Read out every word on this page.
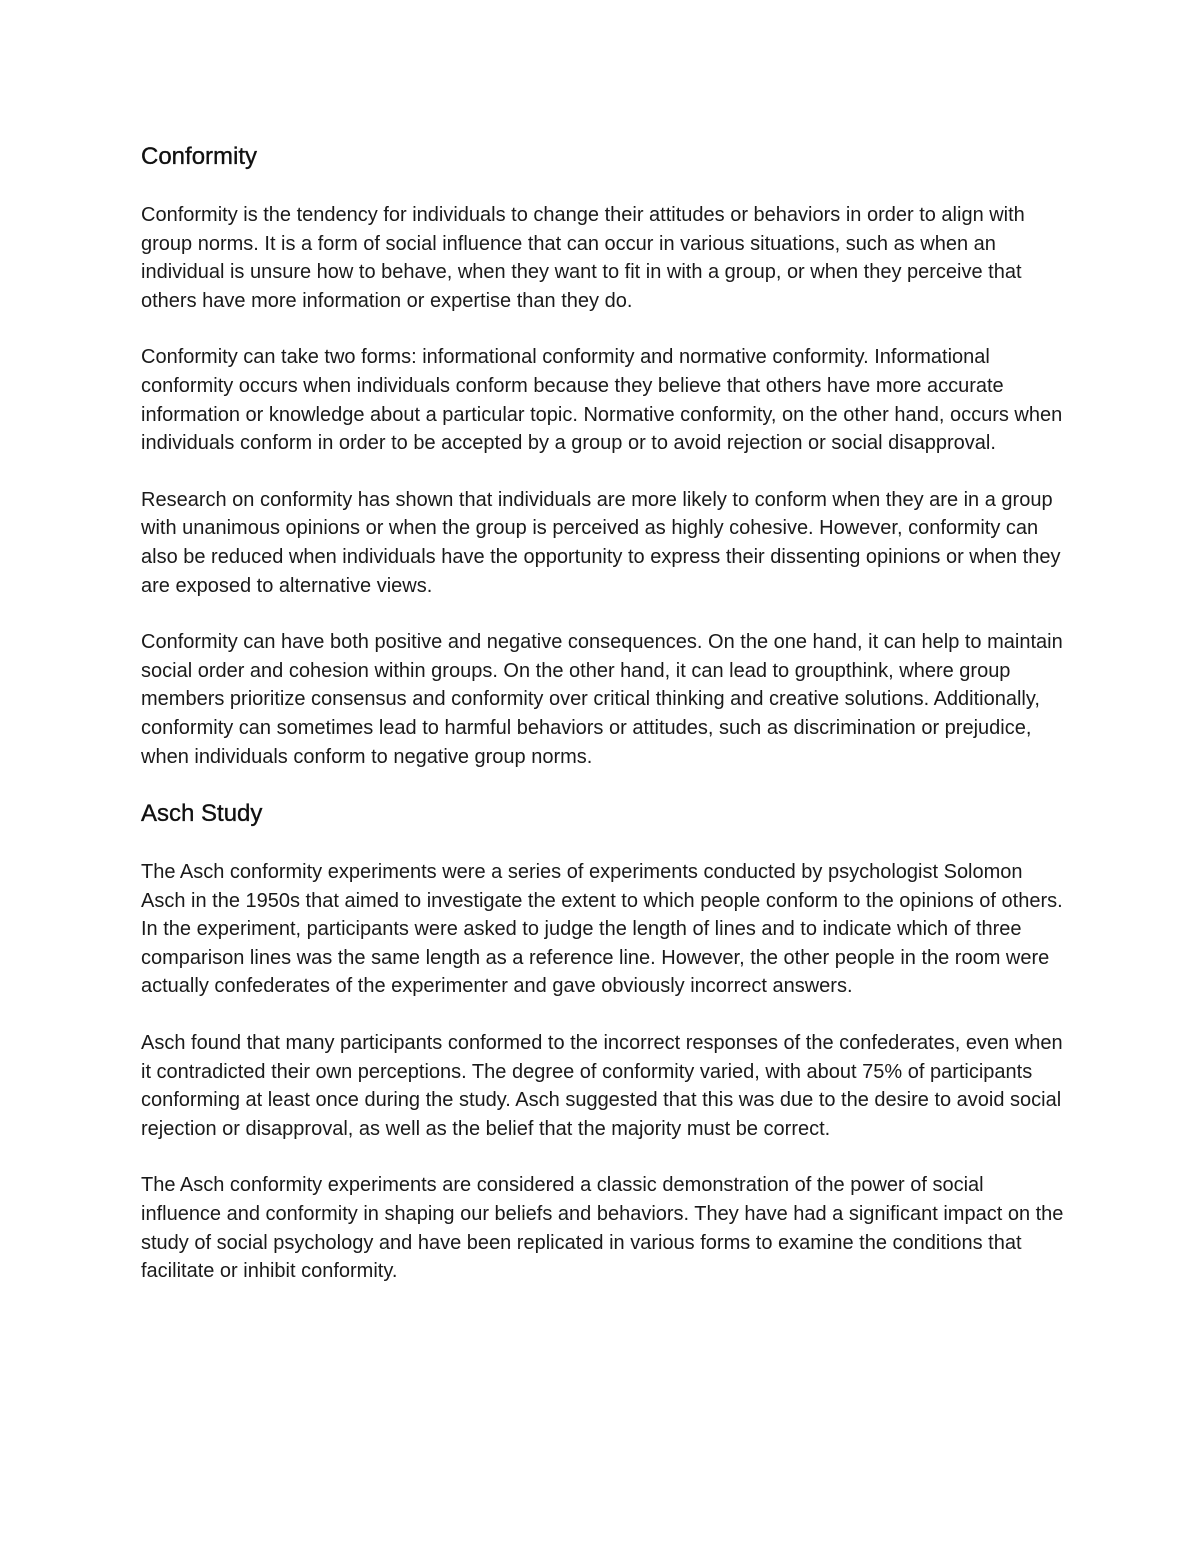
Conformity

Conformity is the tendency for individuals to change their attitudes or behaviors in order to align with group norms. It is a form of social influence that can occur in various situations, such as when an individual is unsure how to behave, when they want to fit in with a group, or when they perceive that others have more information or expertise than they do.

Conformity can take two forms: informational conformity and normative conformity. Informational conformity occurs when individuals conform because they believe that others have more accurate information or knowledge about a particular topic. Normative conformity, on the other hand, occurs when individuals conform in order to be accepted by a group or to avoid rejection or social disapproval.

Research on conformity has shown that individuals are more likely to conform when they are in a group with unanimous opinions or when the group is perceived as highly cohesive. However, conformity can also be reduced when individuals have the opportunity to express their dissenting opinions or when they are exposed to alternative views.

Conformity can have both positive and negative consequences. On the one hand, it can help to maintain social order and cohesion within groups. On the other hand, it can lead to groupthink, where group members prioritize consensus and conformity over critical thinking and creative solutions. Additionally, conformity can sometimes lead to harmful behaviors or attitudes, such as discrimination or prejudice, when individuals conform to negative group norms.

Asch Study

The Asch conformity experiments were a series of experiments conducted by psychologist Solomon Asch in the 1950s that aimed to investigate the extent to which people conform to the opinions of others. In the experiment, participants were asked to judge the length of lines and to indicate which of three comparison lines was the same length as a reference line. However, the other people in the room were actually confederates of the experimenter and gave obviously incorrect answers.

Asch found that many participants conformed to the incorrect responses of the confederates, even when it contradicted their own perceptions. The degree of conformity varied, with about 75% of participants conforming at least once during the study. Asch suggested that this was due to the desire to avoid social rejection or disapproval, as well as the belief that the majority must be correct.

The Asch conformity experiments are considered a classic demonstration of the power of social influence and conformity in shaping our beliefs and behaviors. They have had a significant impact on the study of social psychology and have been replicated in various forms to examine the conditions that facilitate or inhibit conformity.
